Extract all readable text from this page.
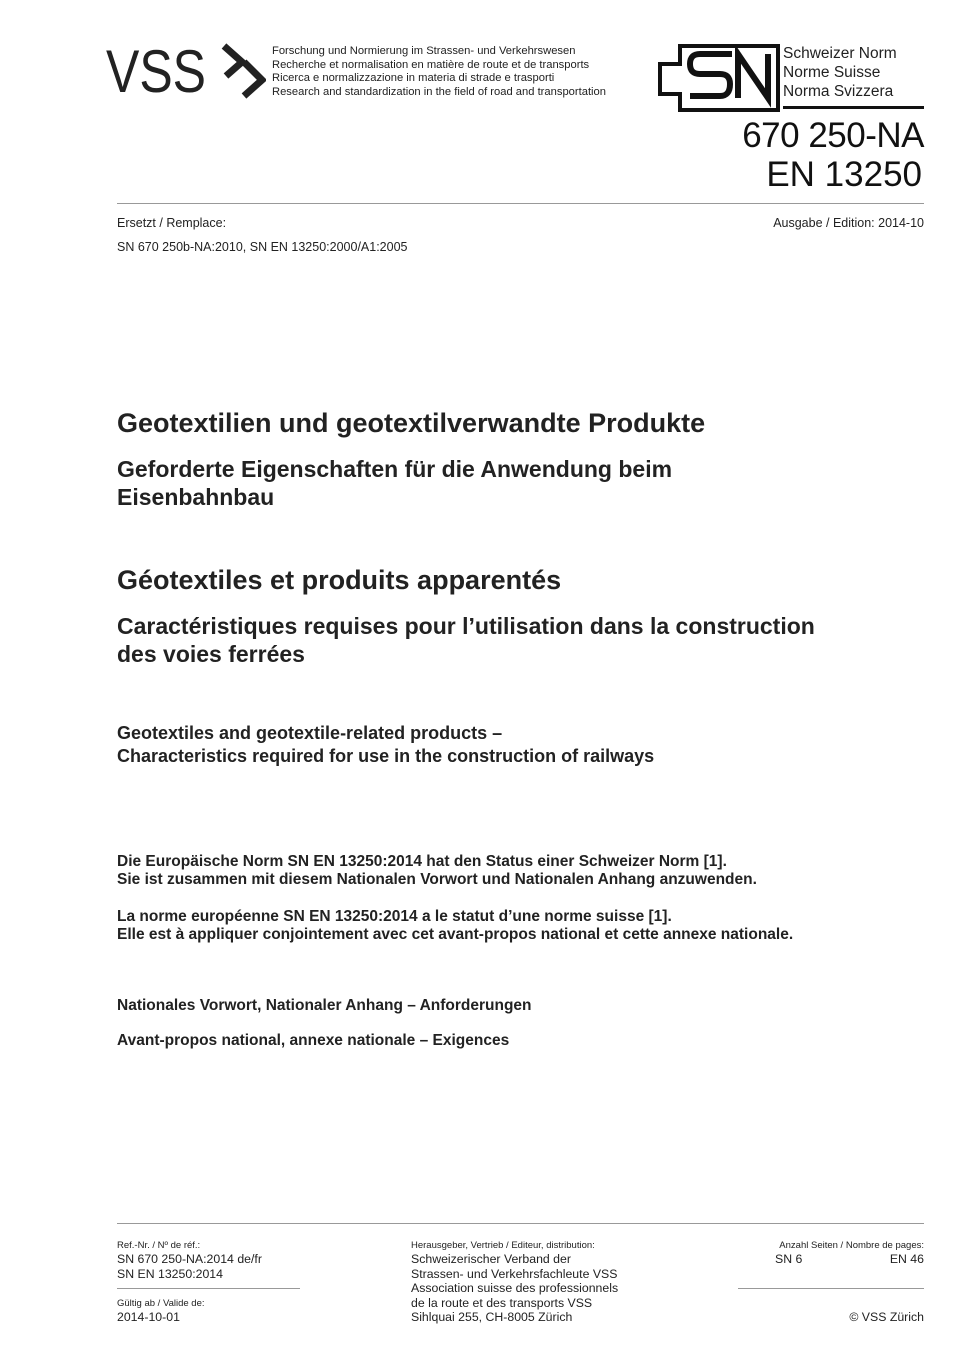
VSS	Forschung und Normierung im Strassen- und Verkehrswesen
Recherche et normalisation en matière de route et de transports
Ricerca e normalizzazione in materia di strade e trasporti
Research and standardization in the field of road and transportation
Schweizer Norm
Norme Suisse
Norma Svizzera
670 250-NA
EN 13250
Ersetzt / Remplace:	Ausgabe / Edition: 2014-10
SN 670 250b-NA:2010, SN EN 13250:2000/A1:2005
Geotextilien und geotextilverwandte Produkte
Geforderte Eigenschaften für die Anwendung beim
Eisenbahnbau
Géotextiles et produits apparentés
Caractéristiques requises pour l’utilisation dans la construction
des voies ferrées
Geotextiles and geotextile-related products –
Characteristics required for use in the construction of railways
Die Europäische Norm SN EN 13250:2014 hat den Status einer Schweizer Norm [1].
Sie ist zusammen mit diesem Nationalen Vorwort und Nationalen Anhang anzuwenden.
La norme européenne SN EN 13250:2014 a le statut d’une norme suisse [1].
Elle est à appliquer conjointement avec cet avant-propos national et cette annexe nationale.
Nationales Vorwort, Nationaler Anhang – Anforderungen
Avant-propos national, annexe nationale – Exigences
Ref.-Nr. / Nº de réf.:
SN 670 250-NA:2014 de/fr
SN EN 13250:2014
Gültig ab / Valide de:
2014-10-01
Herausgeber, Vertrieb / Editeur, distribution:
Schweizerischer Verband der
Strassen- und Verkehrsfachleute VSS
Association suisse des professionnels
de la route et des transports VSS
Sihlquai 255, CH-8005 Zürich
Anzahl Seiten / Nombre de pages:
SN 6	EN 46
© VSS Zürich
